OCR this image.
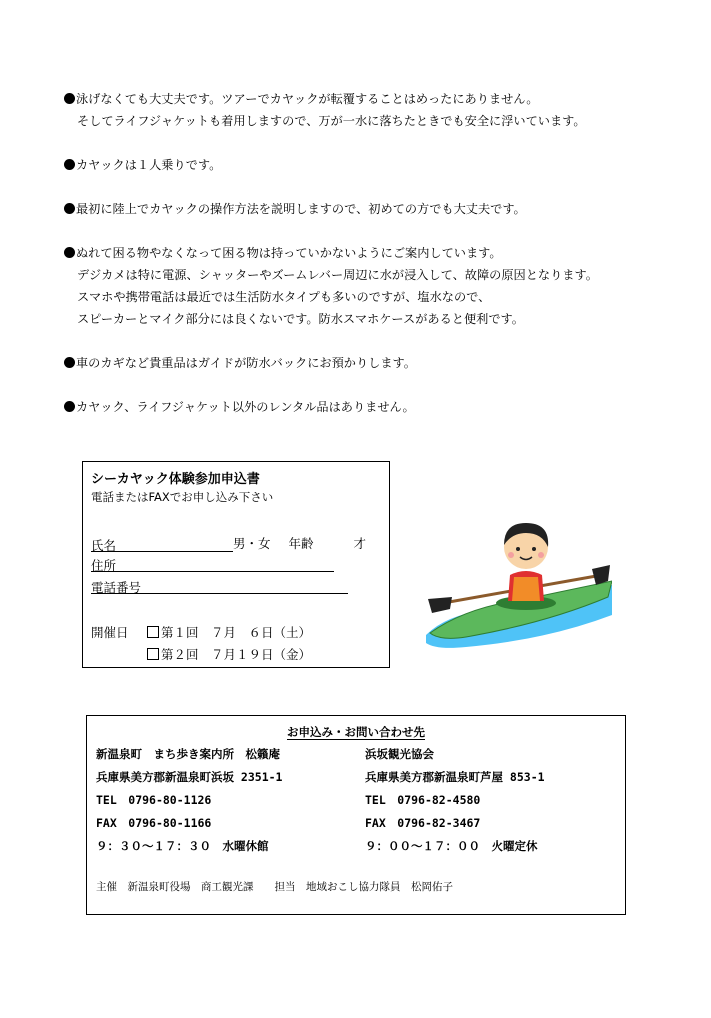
泳げなくても大丈夫です。ツアーでカヤックが転覆することはめったにありません。
そしてライフジャケットも着用しますので、万が一水に落ちたときでも安全に浮いています。
カヤックは１人乗りです。
最初に陸上でカヤックの操作方法を説明しますので、初めての方でも大丈夫です。
ぬれて困る物やなくなって困る物は持っていかないようにご案内しています。
デジカメは特に電源、シャッターやズームレバー周辺に水が浸入して、故障の原因となります。
スマホや携帯電話は最近では生活防水タイプも多いのですが、塩水なので、
スピーカーとマイク部分には良くないです。防水スマホケースがあると便利です。
車のカギなど貴重品はガイドが防水バックにお預かりします。
カヤック、ライフジャケット以外のレンタル品はありません。
シーカヤック体験参加申込書
電話またはFAXでお申し込み下さい
氏名	男・女 年齢	才
住所
電話番号
開催日	第１回　７月　６日（土）
第２回　７月１９日（金）
お申込み・お問い合わせ先
新温泉町　まち歩き案内所　松籟庵
兵庫県美方郡新温泉町浜坂 2351-1
TEL　0796-80-1126
FAX　0796-80-1166
９：３０～１７：３０　水曜休館
浜坂観光協会
兵庫県美方郡新温泉町芦屋 853-1
TEL　0796-82-4580
FAX　0796-82-3467
９：００～１７：００　火曜定休
主催　新温泉町役場　商工観光課　　担当　地域おこし協力隊員　松岡佑子
